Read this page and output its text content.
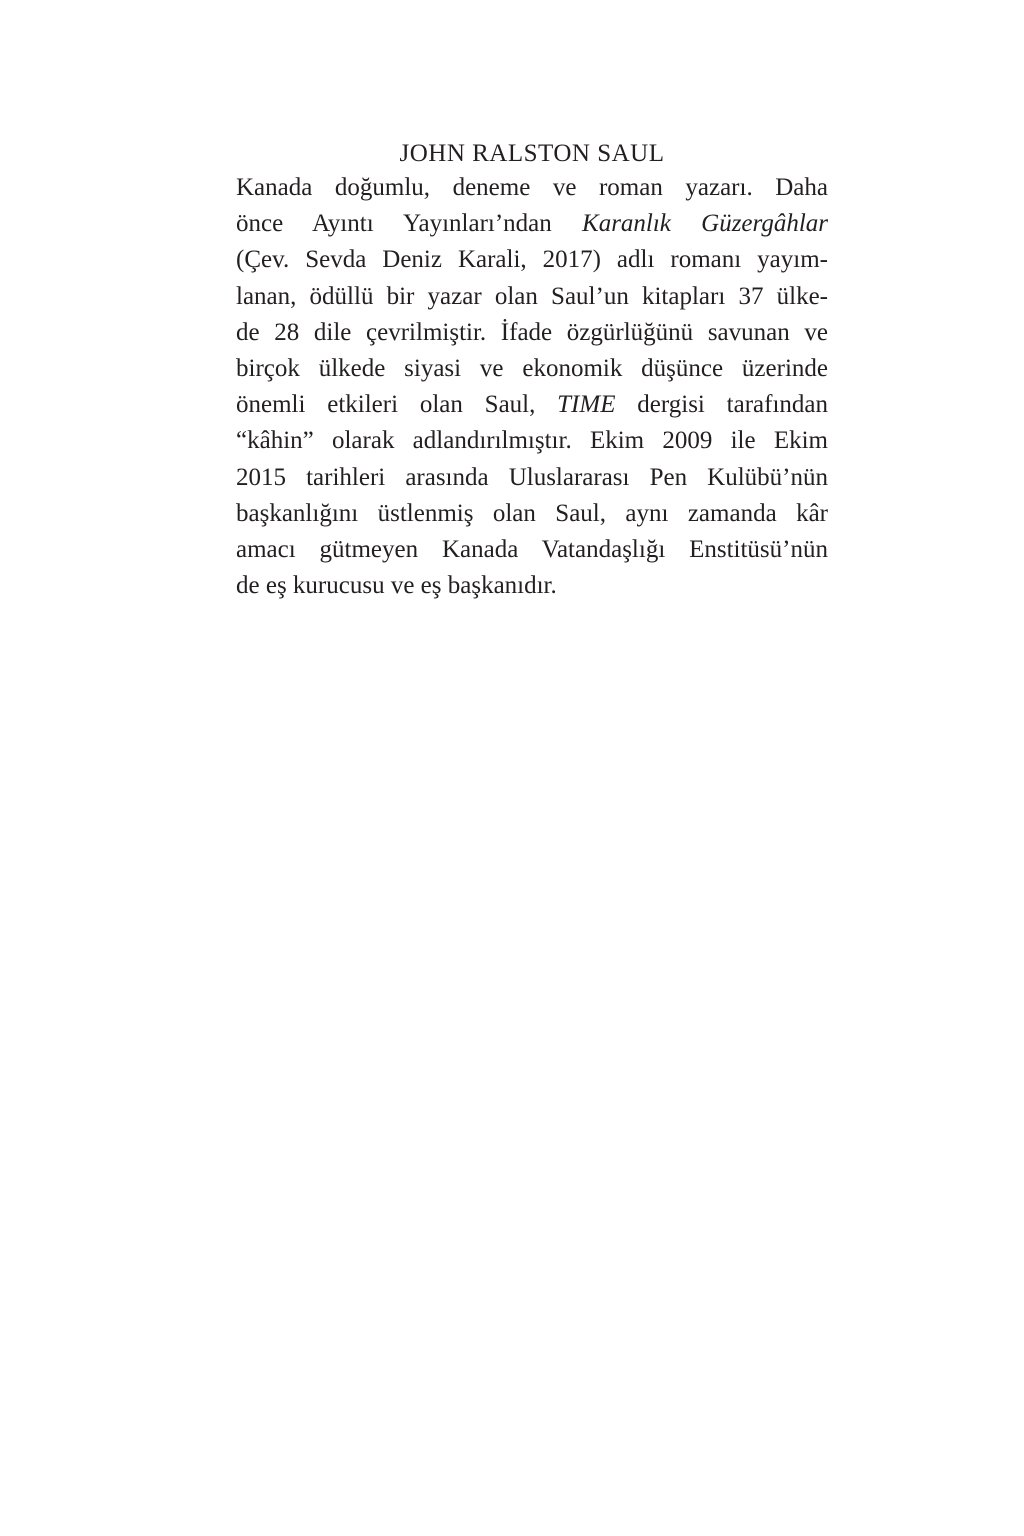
JOHN RALSTON SAUL
Kanada doğumlu, deneme ve roman yazarı. Daha
önce Ayıntı Yayınları’ndan Karanlık Güzergâhlar
(Çev. Sevda Deniz Karali, 2017) adlı romanı yayım-
lanan, ödüllü bir yazar olan Saul’un kitapları 37 ülke-
de 28 dile çevrilmiştir. İfade özgürlüğünü savunan ve
birçok ülkede siyasi ve ekonomik düşünce üzerinde
önemli etkileri olan Saul, TIME dergisi tarafından
“kâhin” olarak adlandırılmıştır. Ekim 2009 ile Ekim
2015 tarihleri arasında Uluslararası Pen Kulübü’nün
başkanlığını üstlenmiş olan Saul, aynı zamanda kâr
amacı gütmeyen Kanada Vatandaşlığı Enstitüsü’nün
de eş kurucusu ve eş başkanıdır.
